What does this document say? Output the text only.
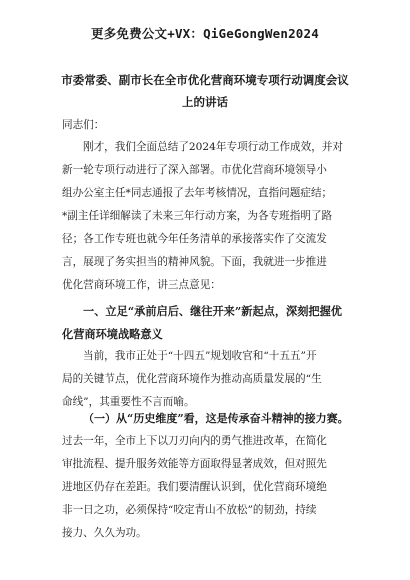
更多免费公文+VX：QiGeGongWen2024
市委常委、副市长在全市优化营商环境专项行动调度会议
上的讲话
同志们：
刚才，我们全面总结了2024年专项行动工作成效，并对
新一轮专项行动进行了深入部署。市优化营商环境领导小
组办公室主任*同志通报了去年考核情况，直指问题症结；
*副主任详细解读了未来三年行动方案，为各专班指明了路
径；各工作专班也就今年任务清单的承接落实作了交流发
言，展现了务实担当的精神风貌。下面，我就进一步推进
优化营商环境工作，讲三点意见：
一、立足“承前启后、继往开来”新起点，深刻把握优
化营商环境战略意义
当前，我市正处于“十四五”规划收官和“十五五”开
局的关键节点，优化营商环境作为推动高质量发展的“生
命线”，其重要性不言而喻。
（一）从“历史维度”看，这是传承奋斗精神的接力赛。
过去一年，全市上下以刀刃向内的勇气推进改革，在简化
审批流程、提升服务效能等方面取得显著成效，但对照先
进地区仍存在差距。我们要清醒认识到，优化营商环境绝
非一日之功，必须保持“咬定青山不放松”的韧劲，持续
接力、久久为功。
